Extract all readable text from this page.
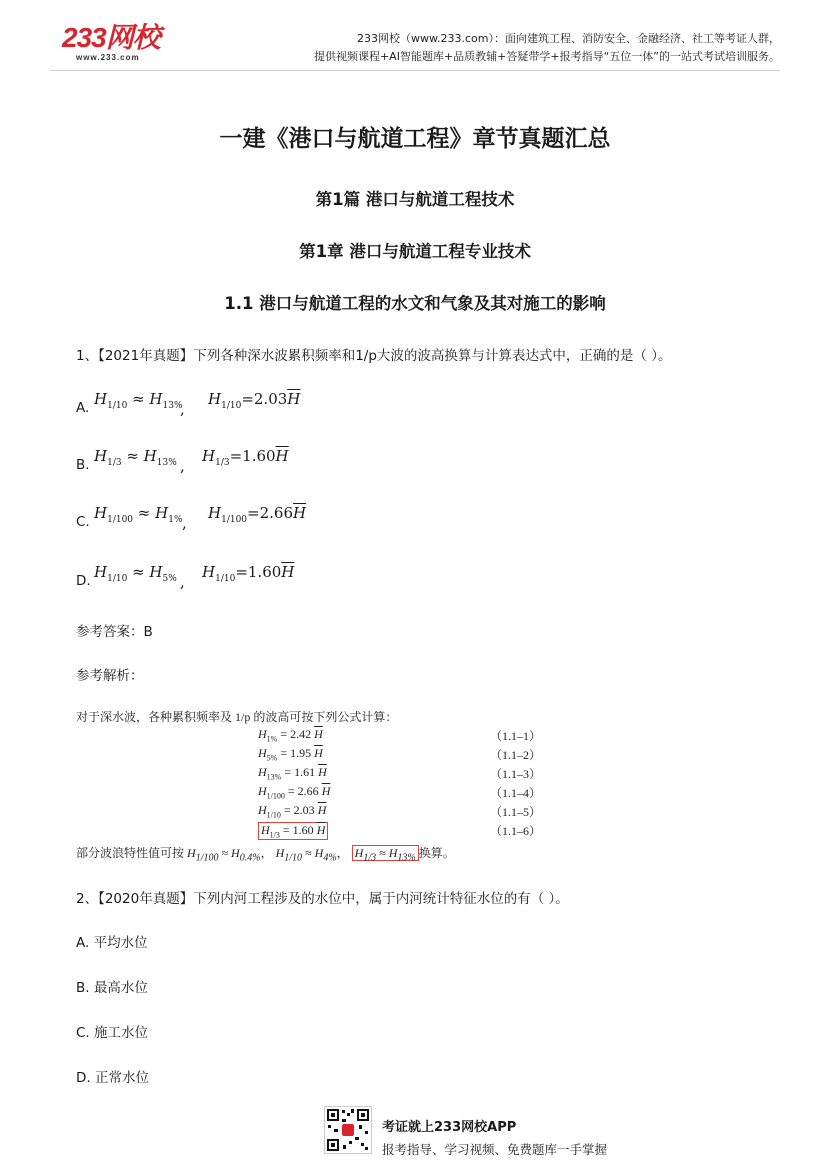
233网校
www.233.com
233网校（www.233.com）：面向建筑工程、消防安全、金融经济、社工等考证人群，
提供视频课程+AI智能题库+品质教辅+答疑带学+报考指导“五位一体”的一站式考试培训服务。
一建《港口与航道工程》章节真题汇总
第1篇 港口与航道工程技术
第1章 港口与航道工程专业技术
1.1 港口与航道工程的水文和气象及其对施工的影响
1、【2021年真题】下列各种深水波累积频率和1/p大波的波高换算与计算表达式中，正确的是（ ）。
A. $H_{1/10} \approx H_{13\%}$
,
$H_{1/10}=2.03\overline{H}$
B. $H_{1/3} \approx H_{13\%}$ ,
$H_{1/3}=1.60\overline{H}$
C. $H_{1/100} \approx H_{1\%}$ ,
$H_{1/100}=2.66\overline{H}$
D. $H_{1/10} \approx H_{5\%}$ ,
$H_{1/10}=1.60\overline{H}$
参考答案：B
参考解析：
对于深水波，各种累积频率及 1/p 的波高可按下列公式计算：
$H_{1\%} = 2.42$ $\overline{H}$	（1.1–1）
$H_{5\%} = 1.95$ $\overline{H}$	（1.1–2）
$H_{13\%} = 1.61$ $\overline{H}$	（1.1–3）
$H_{1/100} = 2.66$ $\overline{H}$	（1.1–4）
$H_{1/10} = 2.03$ $\overline{H}$	（1.1–5）
$H_{1/3} = 1.60$ $\overline{H}$	（1.1–6）
部分波浪特性值可按 $H_{1/100} \approx H_{0.4\%}$， $H_{1/10} \approx H_{4\%}$， $H_{1/3} \approx H_{13\%}$ 换算。
2、【2020年真题】下列内河工程涉及的水位中，属于内河统计特征水位的有（ ）。
A. 平均水位
B. 最高水位
C. 施工水位
D. 正常水位
考证就上233网校APP
报考指导、学习视频、免费题库一手掌握
